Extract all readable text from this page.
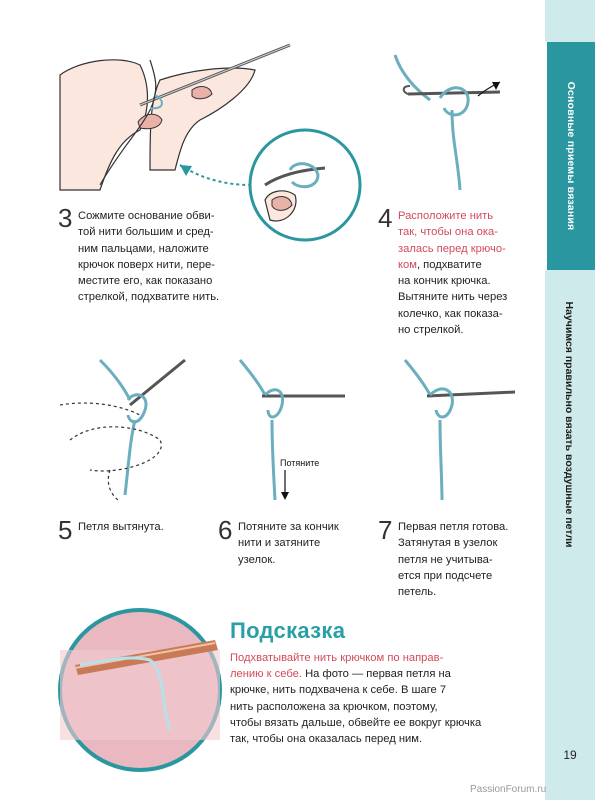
Основные приемы вязания
Научимся правильно вязать воздушные петли
19
PassionForum.ru
Потяните
3 Сожмите основание обви-
той нити большим и сред-
ним пальцами, наложите
крючок поверх нити, пере-
местите его, как показано
стрелкой, подхватите нить.
4 Расположите нить
так, чтобы она ока-
залась перед крючо-
ком, подхватите
на кончик крючка.
Вытяните нить через
колечко, как показа-
но стрелкой.
5 Петля вытянута. 6 Потяните за кончик
нити и затяните
узелок.
7 Первая петля готова.
Затянутая в узелок
петля не учитыва-
ется при подсчете
петель.
Подсказка
Подхватывайте нить крючком по направ-
лению к себе. На фото — первая петля на
крючке, нить подхвачена к себе. В шаге 7
нить расположена за крючком, поэтому,
чтобы вязать дальше, обвейте ее вокруг крючка
так, чтобы она оказалась перед ним.
